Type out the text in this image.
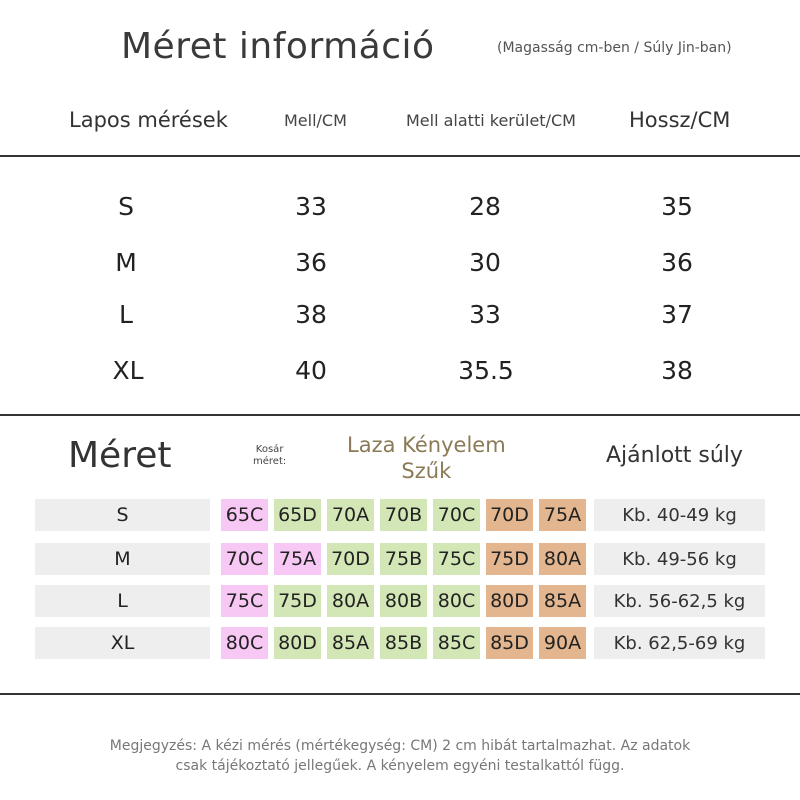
Méret információ	(Magasság cm-ben / Súly Jin-ban)
Lapos mérések	Mell/CM	Mell alatti kerület/CM	Hossz/CM
S	33	28	35
M	36	30	36
L	38	33	37
XL	40	35.5	38
Méret	Kosár
méret:
Laza Kényelem
Szűk
Ajánlott súly
S	65C 65D 70A 70B 70C 70D 75A	Kb. 40-49 kg
M	70C 75A 70D 75B 75C 75D 80A	Kb. 49-56 kg
L	75C 75D 80A 80B 80C 80D 85A	Kb. 56-62,5 kg
XL	80C 80D 85A 85B 85C 85D 90A	Kb. 62,5-69 kg
Megjegyzés: A kézi mérés (mértékegység: CM) 2 cm hibát tartalmazhat. Az adatok csak tájékoztató jellegűek. A kényelem egyéni testalkattól függ.
